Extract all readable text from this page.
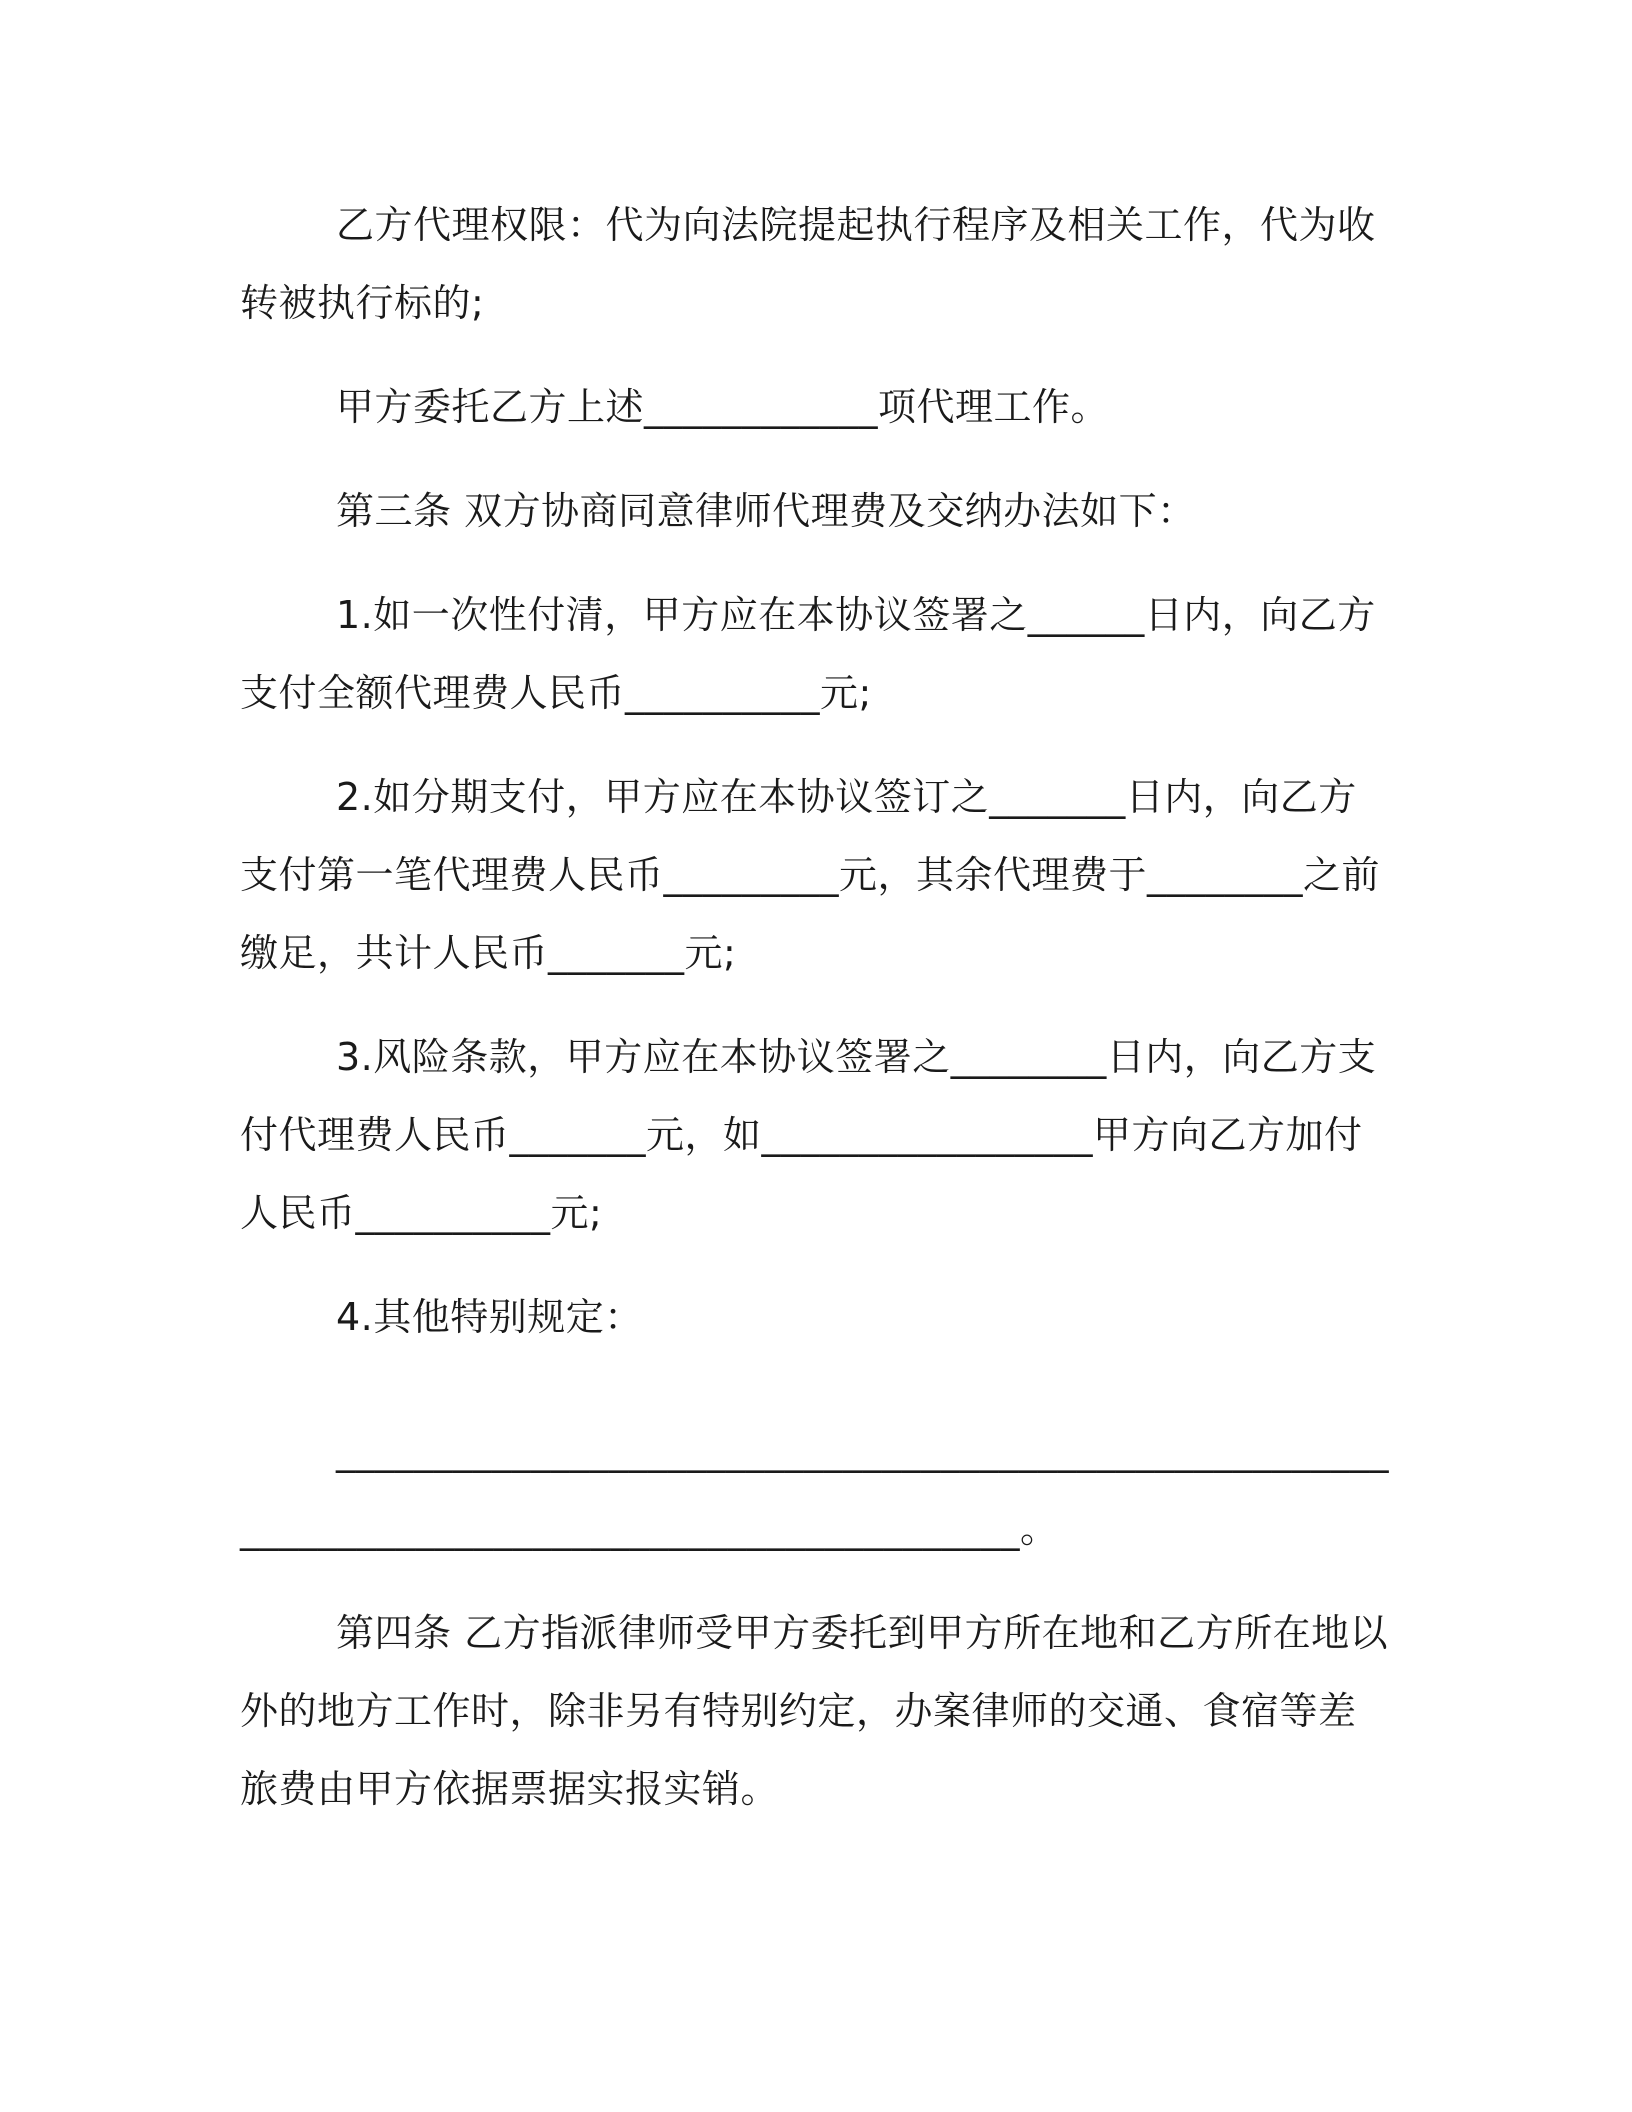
乙方代理权限：代为向法院提起执行程序及相关工作，代为收转被执行标的;

甲方委托乙方上述____________项代理工作。

第三条 双方协商同意律师代理费及交纳办法如下：

1.如一次性付清，甲方应在本协议签署之______日内，向乙方支付全额代理费人民币__________元;

2.如分期支付，甲方应在本协议签订之_______日内，向乙方支付第一笔代理费人民币_________元，其余代理费于________之前缴足，共计人民币_______元;

3.风险条款，甲方应在本协议签署之________日内，向乙方支付代理费人民币_______元，如_________________甲方向乙方加付人民币__________元;

4.其他特别规定：

______________________________________________________________________________________________。

第四条 乙方指派律师受甲方委托到甲方所在地和乙方所在地以外的地方工作时，除非另有特别约定，办案律师的交通、食宿等差旅费由甲方依据票据实报实销。
